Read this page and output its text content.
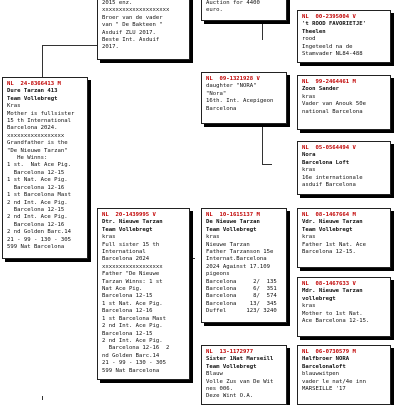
2015 enz.
xxxxxxxxxxxxxxxxxxxx
Broer van de vader
van " De Bakteen "
Asduif ZLU 2017.
Beste Int. Asduif
2017.
Auction for 4400
euro.
NL  00-2395004 V
't ROOD FAVORIETJE'
Theelen
rood
Ingeteeld na de
Stamvader NL84-488
NL  24-8366413 M
Dure Tarzan 413
Team Vollebregt
Kras
Mother is fullsister
15 th International
Barcelona 2024.
xxxxxxxxxxxxxxxxx
Grandfather is the
"De Nieuwe Tarzan"
He Winns:
1 st.  Nat Ace Pig.
Barcelona 12-15
1 st Nat. Ace Pig.
Barcelona 12-16
1 st Barcelona Mast
2 nd Int. Ace Pig.
Barcelona 12-15
2 nd Int. Ace Pig.
Barcelona 12-16
2 nd Golden Barc.14
21 - 99 - 130 - 305
599 Nat Barcelona
NL  09-1321928 V
daughter "NORA"
"Nora"
16th. Int. Acepigeon
Barcelona
NL  99-2464461 M
Zoon Sander
kras
Vader van Anouk 50e
national Barcelona
NL  05-0564494 V
Nora
Barcelona Loft
kras
16e internationale
asduif Barcelona
NL  20-1439995 V
Dtr. Nieuwe Tarzan
Team Vollebregt
kras
Full sister 15 th
International
Barcelona 2024
xxxxxxxxxxxxxxxxxx
Father "De Nieuwe
Tarzan Winns: 1 st
Nat Ace Pig.
Barcelona 12-15
1 st Nat. Ace Pig.
Barcelona 12-16
1 st Barcelona Mast
2 nd Int. Ace Pig.
Barcelona 12-15
2 nd Int. Ace Pig.
Barcelona 12-16  2
nd Golden Barc.14
21 - 99 - 130 - 305
599 Nat Barcelona
NL  10-1615137 M
De Nieuwe Tarzan
Team Vollebregt
kras
Nieuwe Tarzan
Father Tarzanson 15e
Internat.Barcelona
2024 Against 17.109
pigeons
Barcelona     2/  135
Barcelona     6/  351
Barcelona     8/  574
Barcelona    13/  345
Duffel      123/ 3240
NL  08-1467664 M
Vdr. Nieuwe Tarzan
Team Vollebregt
kras
Father 1st Nat. Ace
Barcelona 12-15.
NL  08-1467633 V
Mdr. Nieuwe Tarzan
vollebregt
kras
Mother to 1st Nat.
Ace Barcelona 12-15.
NL  13-1172977
Sister 1Nat Marseill
Team Vollebregt
Blauw
Volle Zus van De Wit
nes 006.
Deze Wint O.A.
NL  06-0730579 M
Halfbroer NORA
Barcelonaloft
blauwwitpen
vader le nat/4e inn
MARSEILLE '17
